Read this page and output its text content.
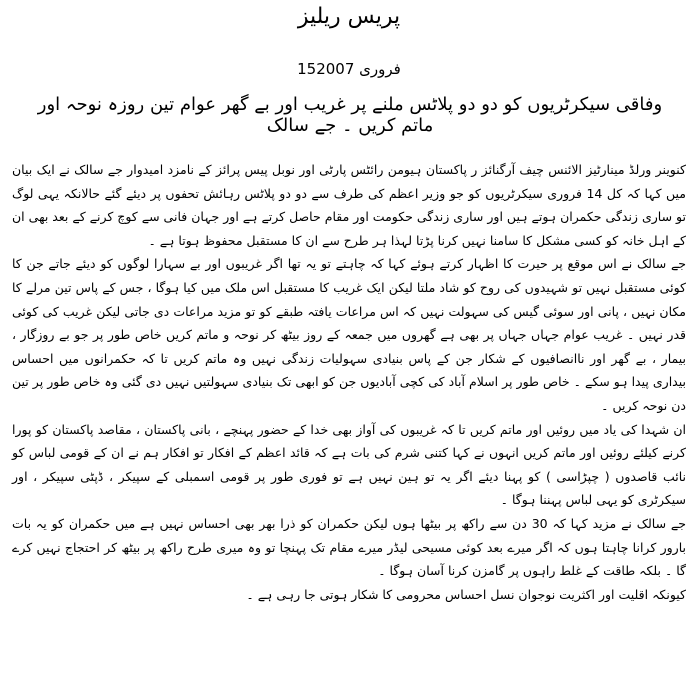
پریس ریلیز
15فروری 2007
وفاقی سیکرٹریوں کو دو دو پلاٹس ملنے پر غریب اور بے گھر عوام تین روزہ نوحہ اور ماتم کریں ۔ جے سالک

کنوینر ورلڈ مینارٹیز الائنس چیف آرگنائز ر پاکستان ہیومن رائٹس پارٹی اور نوبل پیس پرائز کے نامزد امیدوار جے سالک نے ایک بیان میں کہا کہ کل 14 فروری سیکرٹریوں کو جو وزیر اعظم کی طرف سے دو دو پلاٹس رہائش تحفوں پر دیئے گئے حالانکہ یہی لوگ تو ساری زندگی حکمران ہوتے ہیں اور ساری زندگی حکومت اور مقام حاصل کرتے ہے اور جہان فانی سے کوچ کرنے کے بعد بھی ان کے اہل خانہ کو کسی مشکل کا سامنا نہیں کرنا پڑتا لہذا ہر طرح سے ان کا مستقبل محفوظ ہوتا ہے ۔

جے سالک نے اس موقع پر حیرت کا اظہار کرتے ہوئے کہا کہ چاہتے تو یہ تھا اگر غریبوں اور بے سہارا لوگوں کو دیئے جاتے جن کا کوئی مستقبل نہیں تو شہیدوں کی روح کو شاد ملتا لیکن ایک غریب کا مستقبل اس ملک میں کیا ہوگا ، جس کے پاس تین مرلے کا مکان نہیں ، پانی اور سوئی گیس کی سہولت نہیں کہ اس مراعات یافتہ طبقے کو تو مزید مراعات دی جاتی لیکن غریب کی کوئی قدر نہیں ۔ غریب عوام جہاں جہاں پر بھی ہے گھروں میں جمعہ کے روز بیٹھ کر نوحہ و ماتم کریں خاص طور پر جو بے روزگار ، بیمار ، بے گھر اور ناانصافیوں کے شکار جن کے پاس بنیادی سہولیات زندگی نہیں وہ ماتم کریں تا کہ حکمرانوں میں احساس بیداری پیدا ہو سکے ۔ خاص طور پر اسلام آباد کی کچی آبادیوں جن کو ابھی تک بنیادی سہولتیں نہیں دی گئی وہ خاص طور پر تین دن نوحہ کریں ۔

ان شہدا کی یاد میں روئیں اور ماتم کریں تا کہ غریبوں کی آواز بھی خدا کے حضور پہنچے ، بانی پاکستان ، مقاصد پاکستان کو پورا کرنے کیلئے روئیں اور ماتم کریں انہوں نے کہا کتنی شرم کی بات ہے کہ قائد اعظم کے افکار تو افکار ہم نے ان کے قومی لباس کو نائب قاصدوں ( چپڑاسی ) کو پہنا دیئے اگر یہ تو ہین نہیں ہے تو فوری طور پر قومی اسمبلی کے سپیکر ، ڈپٹی سپیکر ، اور سیکرٹری کو یہی لباس پہننا ہوگا ۔

جے سالک نے مزید کہا کہ 30 دن سے راکھ پر بیٹھا ہوں لیکن حکمران کو ذرا بھر بھی احساس نہیں ہے میں حکمران کو یہ بات بارور کرانا چاہتا ہوں کہ اگر میرے بعد کوئی مسیحی لیڈر میرے مقام تک پہنچا تو وہ میری طرح راکھ پر بیٹھ کر احتجاج نہیں کرے گا ۔ بلکہ طاقت کے غلط راہوں پر گامزن کرنا آسان ہوگا ۔

کیونکہ اقلیت اور اکثریت نوجوان نسل احساس محرومی کا شکار ہوتی جا رہی ہے ۔
